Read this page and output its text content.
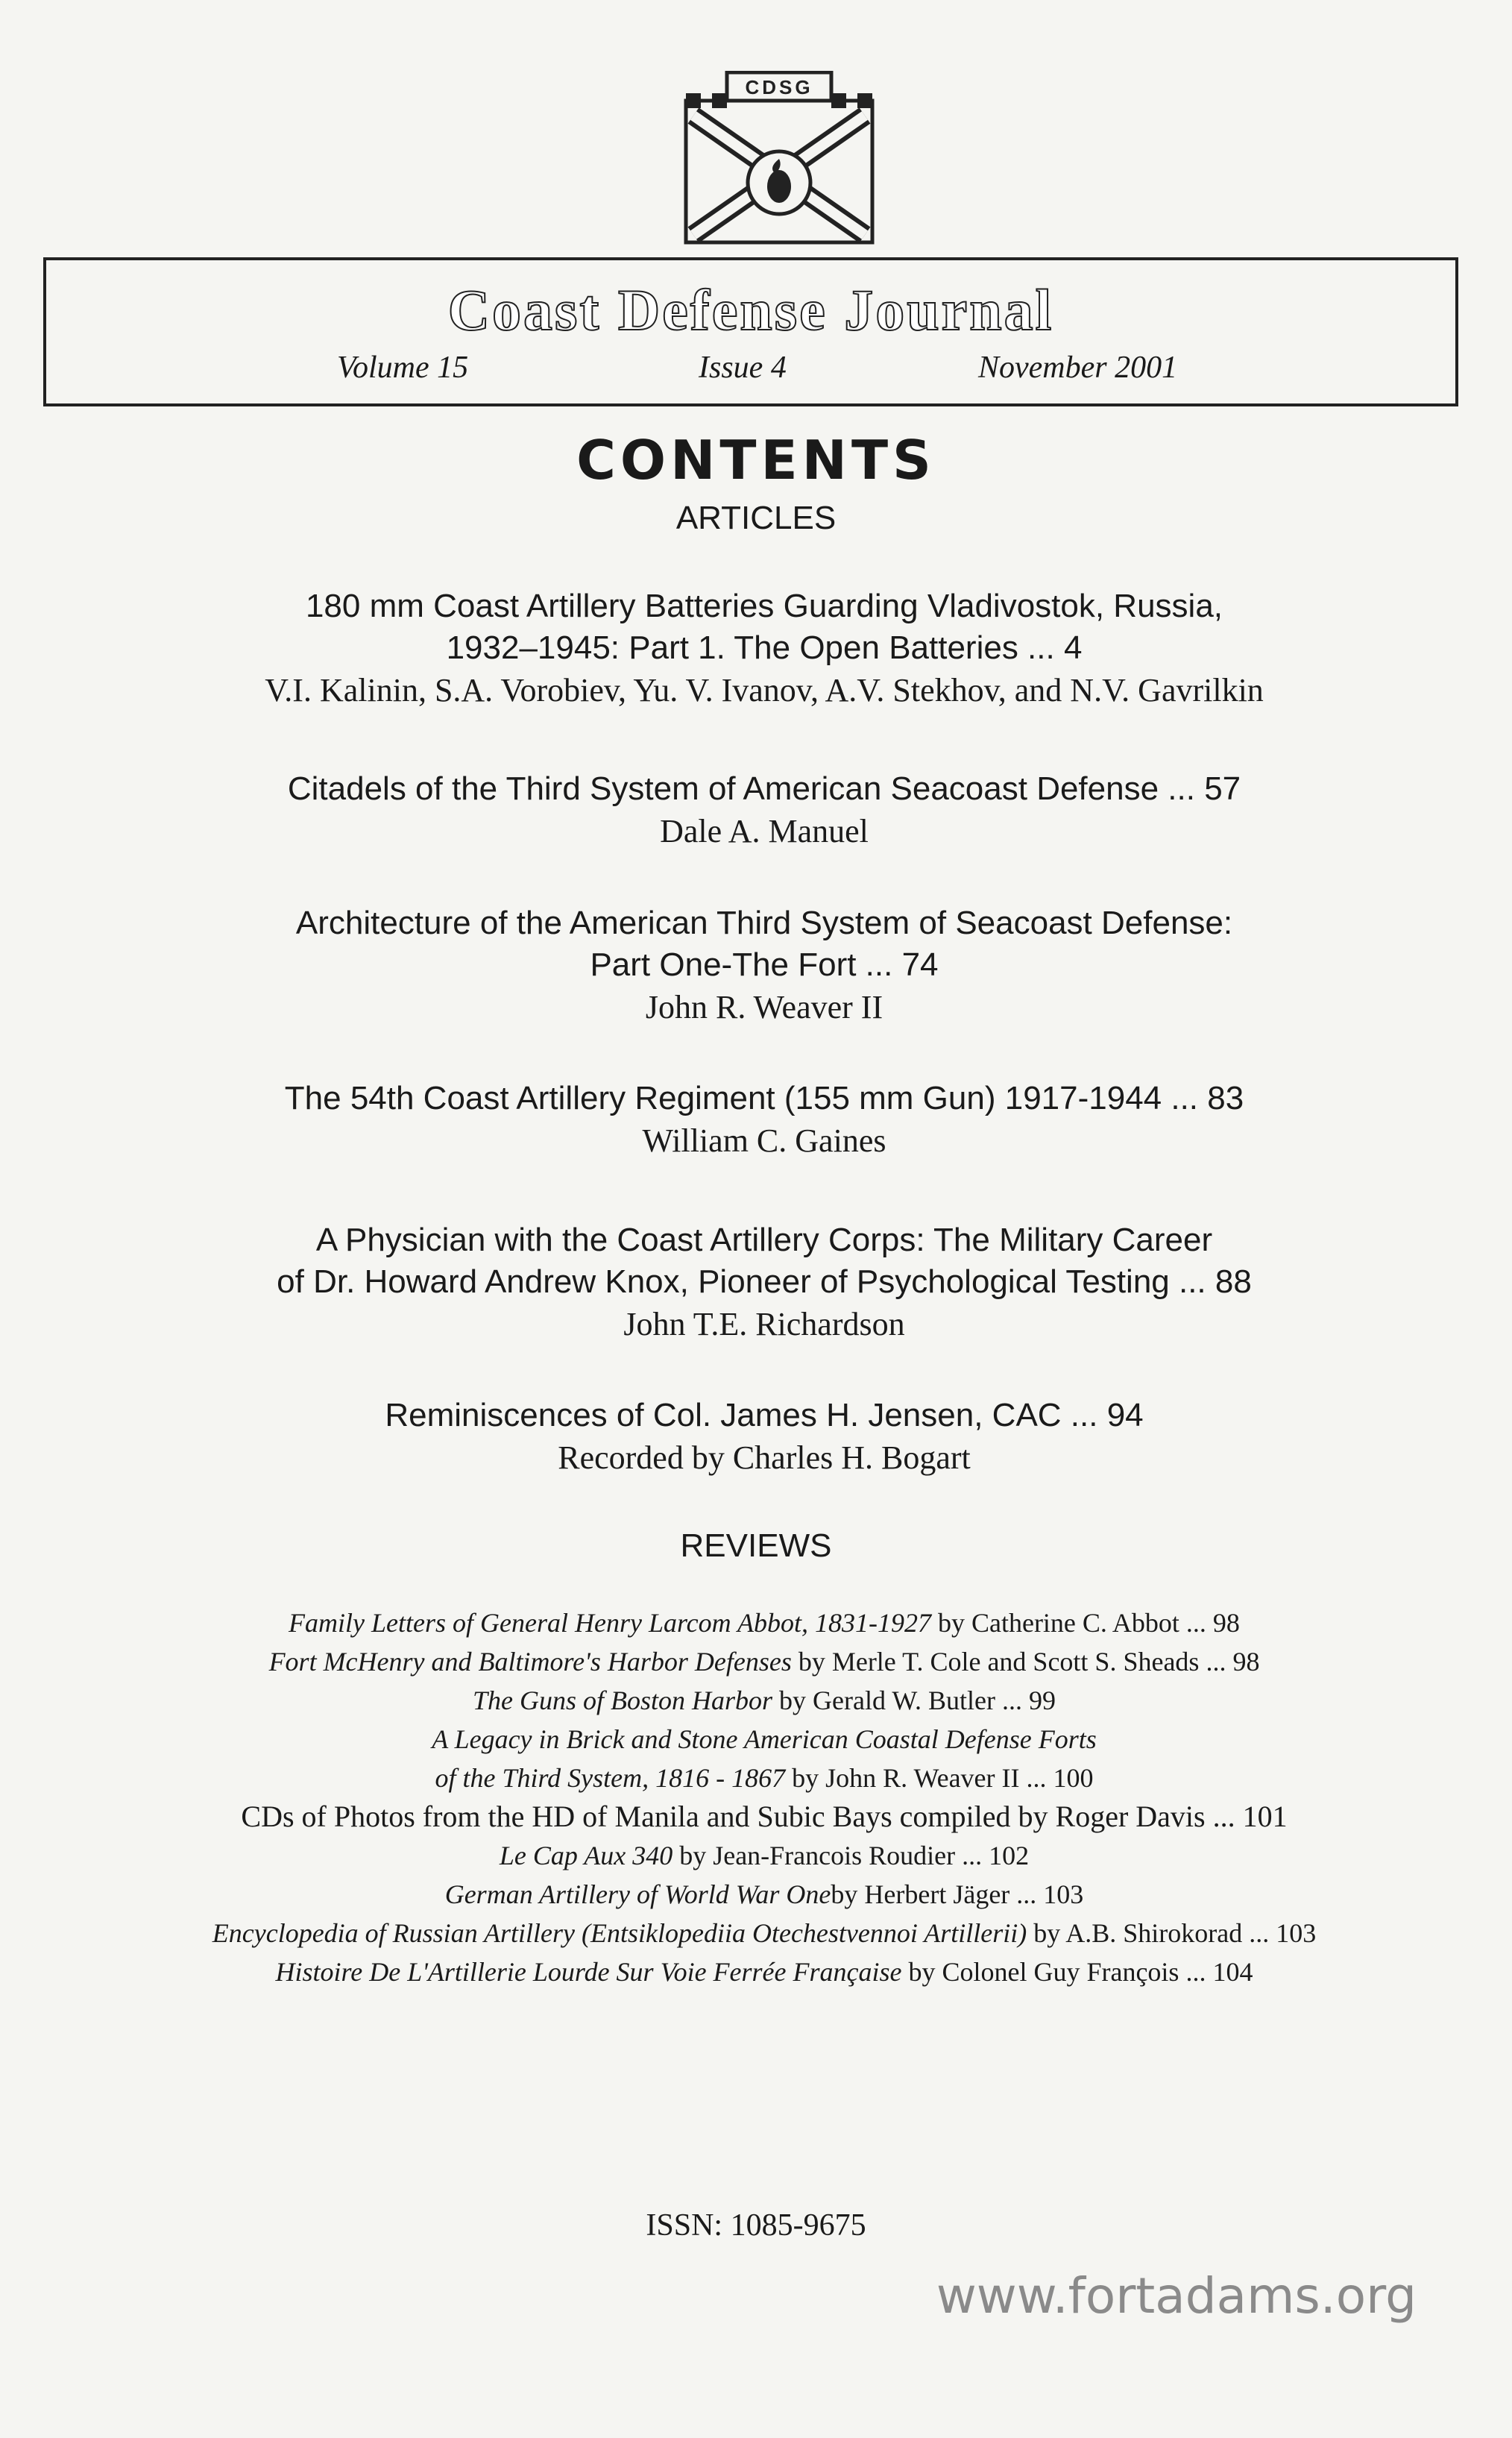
CDSG
Coast Defense Journal
Volume 15	Issue 4	November 2001
CONTENTS
ARTICLES

180 mm Coast Artillery Batteries Guarding Vladivostok, Russia,

1932–1945: Part 1. The Open Batteries ... 4

V.I. Kalinin, S.A. Vorobiev, Yu. V. Ivanov, A.V. Stekhov, and N.V. Gavrilkin

Citadels of the Third System of American Seacoast Defense ... 57

Dale A. Manuel

Architecture of the American Third System of Seacoast Defense:

Part One-The Fort ... 74

John R. Weaver II

The 54th Coast Artillery Regiment (155 mm Gun) 1917-1944 ... 83

William C. Gaines

A Physician with the Coast Artillery Corps: The Military Career

of Dr. Howard Andrew Knox, Pioneer of Psychological Testing ... 88

John T.E. Richardson

Reminiscences of Col. James H. Jensen, CAC ... 94

Recorded by Charles H. Bogart

REVIEWS

Family Letters of General Henry Larcom Abbot, 1831-1927 by Catherine C. Abbot ... 98

Fort McHenry and Baltimore's Harbor Defenses by Merle T. Cole and Scott S. Sheads ... 98

The Guns of Boston Harbor by Gerald W. Butler ... 99

A Legacy in Brick and Stone American Coastal Defense Forts

of the Third System, 1816 - 1867 by John R. Weaver II ... 100

CDs of Photos from the HD of Manila and Subic Bays compiled by Roger Davis ... 101

Le Cap Aux 340 by Jean-Francois Roudier ... 102

German Artillery of World War Oneby Herbert Jäger ... 103

Encyclopedia of Russian Artillery (Entsiklopediia Otechestvennoi Artillerii) by A.B. Shirokorad ... 103

Histoire De L'Artillerie Lourde Sur Voie Ferrée Française by Colonel Guy François ... 104

ISSN: 1085-9675
www.fortadams.org
